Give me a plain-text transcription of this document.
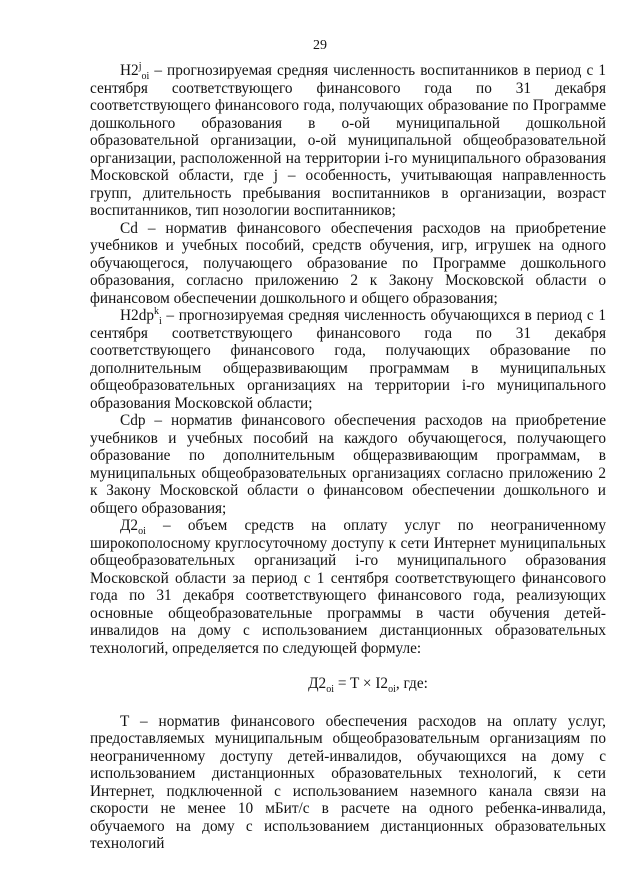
29

$Н2^j_{oi}$ – прогнозируемая средняя численность воспитанников в период с 1 сентября соответствующего финансового года по 31 декабря соответствующего финансового года, получающих образование по Программе дошкольного образования в о-ой муниципальной дошкольной образовательной организации, о-ой муниципальной общеобразовательной организации, расположенной на территории i-го муниципального образования Московской области, где j – особенность, учитывающая направленность групп, длительность пребывания воспитанников в организации, возраст воспитанников, тип нозологии воспитанников;

Cd – норматив финансового обеспечения расходов на приобретение учебников и учебных пособий, средств обучения, игр, игрушек на одного обучающегося, получающего образование по Программе дошкольного образования, согласно приложению 2 к Закону Московской области о финансовом обеспечении дошкольного и общего образования;

$H2dp^k_i$ – прогнозируемая средняя численность обучающихся в период с 1 сентября соответствующего финансового года по 31 декабря соответствующего финансового года, получающих образование по дополнительным общеразвивающим программам в муниципальных общеобразовательных организациях на территории i-го муниципального образования Московской области;

Cdp – норматив финансового обеспечения расходов на приобретение учебников и учебных пособий на каждого обучающегося, получающего образование по дополнительным общеразвивающим программам, в муниципальных общеобразовательных организациях согласно приложению 2 к Закону Московской области о финансовом обеспечении дошкольного и общего образования;

$Д2_{oi}$ – объем средств на оплату услуг по неограниченному широкополосному круглосуточному доступу к сети Интернет муниципальных общеобразовательных организаций i-го муниципального образования Московской области за период с 1 сентября соответствующего финансового года по 31 декабря соответствующего финансового года, реализующих основные общеобразовательные программы в части обучения детей-инвалидов на дому с использованием дистанционных образовательных технологий, определяется по следующей формуле:

$Д2_{oi} = T \times I2_{oi}$, где:

T – норматив финансового обеспечения расходов на оплату услуг, предоставляемых муниципальным общеобразовательным организациям по неограниченному доступу детей-инвалидов, обучающихся на дому с использованием дистанционных образовательных технологий, к сети Интернет, подключенной с использованием наземного канала связи на скорости не менее 10 мБит/с в расчете на одного ребенка-инвалида, обучаемого на дому с использованием дистанционных образовательных технологий
